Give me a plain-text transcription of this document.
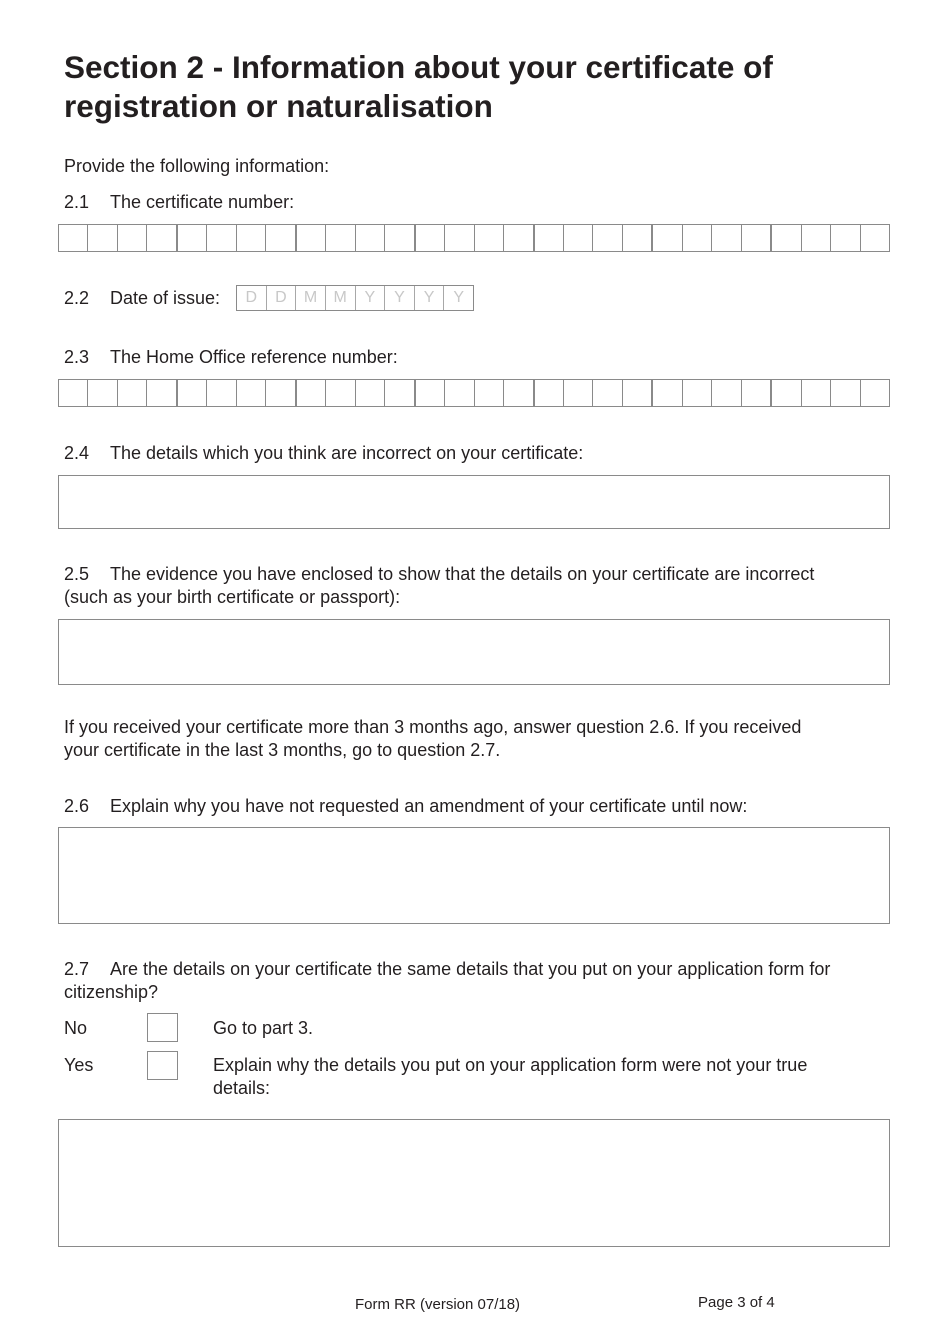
Section 2 - Information about your certificate of registration or naturalisation
Provide the following information:
2.1 The certificate number:
2.2 Date of issue:	D	D	M	M	Y	Y	Y	Y
2.3 The Home Office reference number:
2.4 The details which you think are incorrect on your certificate:
2.5 The evidence you have enclosed to show that the details on your certificate are incorrect
(such as your birth certificate or passport):
If you received your certificate more than 3 months ago, answer question 2.6. If you received
your certificate in the last 3 months, go to question 2.7.
2.6 Explain why you have not requested an amendment of your certificate until now:
2.7 Are the details on your certificate the same details that you put on your application form for
citizenship?
No	Go to part 3.
Yes	Explain why the details you put on your application form were not your true
details:
Form RR (version 07/18)	Page 3 of 4
